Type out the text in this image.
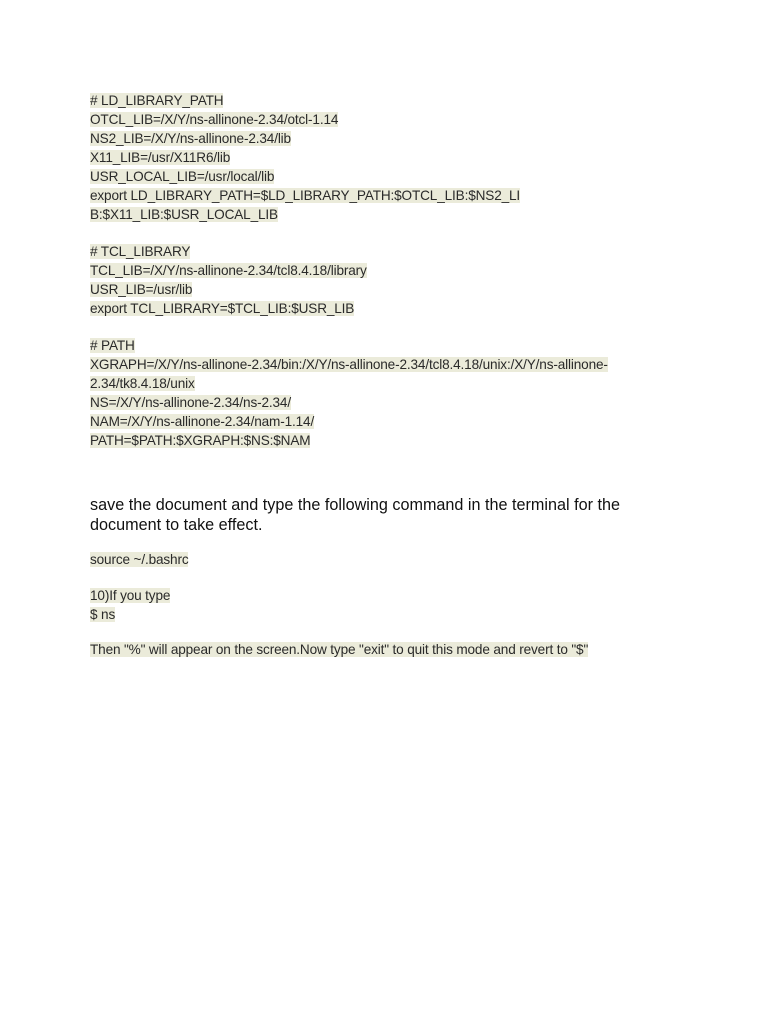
# LD_LIBRARY_PATH
OTCL_LIB=/X/Y/ns-allinone-2.34/otcl-1.14
NS2_LIB=/X/Y/ns-allinone-2.34/lib
X11_LIB=/usr/X11R6/lib
USR_LOCAL_LIB=/usr/local/lib
export LD_LIBRARY_PATH=$LD_LIBRARY_PATH:$OTCL_LIB:$NS2_LI
B:$X11_LIB:$USR_LOCAL_LIB
# TCL_LIBRARY
TCL_LIB=/X/Y/ns-allinone-2.34/tcl8.4.18/library
USR_LIB=/usr/lib
export TCL_LIBRARY=$TCL_LIB:$USR_LIB
# PATH
XGRAPH=/X/Y/ns-allinone-2.34/bin:/X/Y/ns-allinone-2.34/tcl8.4.18/unix:/X/Y/ns-allinone-
2.34/tk8.4.18/unix
NS=/X/Y/ns-allinone-2.34/ns-2.34/
NAM=/X/Y/ns-allinone-2.34/nam-1.14/
PATH=$PATH:$XGRAPH:$NS:$NAM
save the document and type the following command in the terminal for the
document to take effect.
source ~/.bashrc
10)If you type
$ ns
Then "%" will appear on the screen.Now type "exit" to quit this mode and revert to "$"
